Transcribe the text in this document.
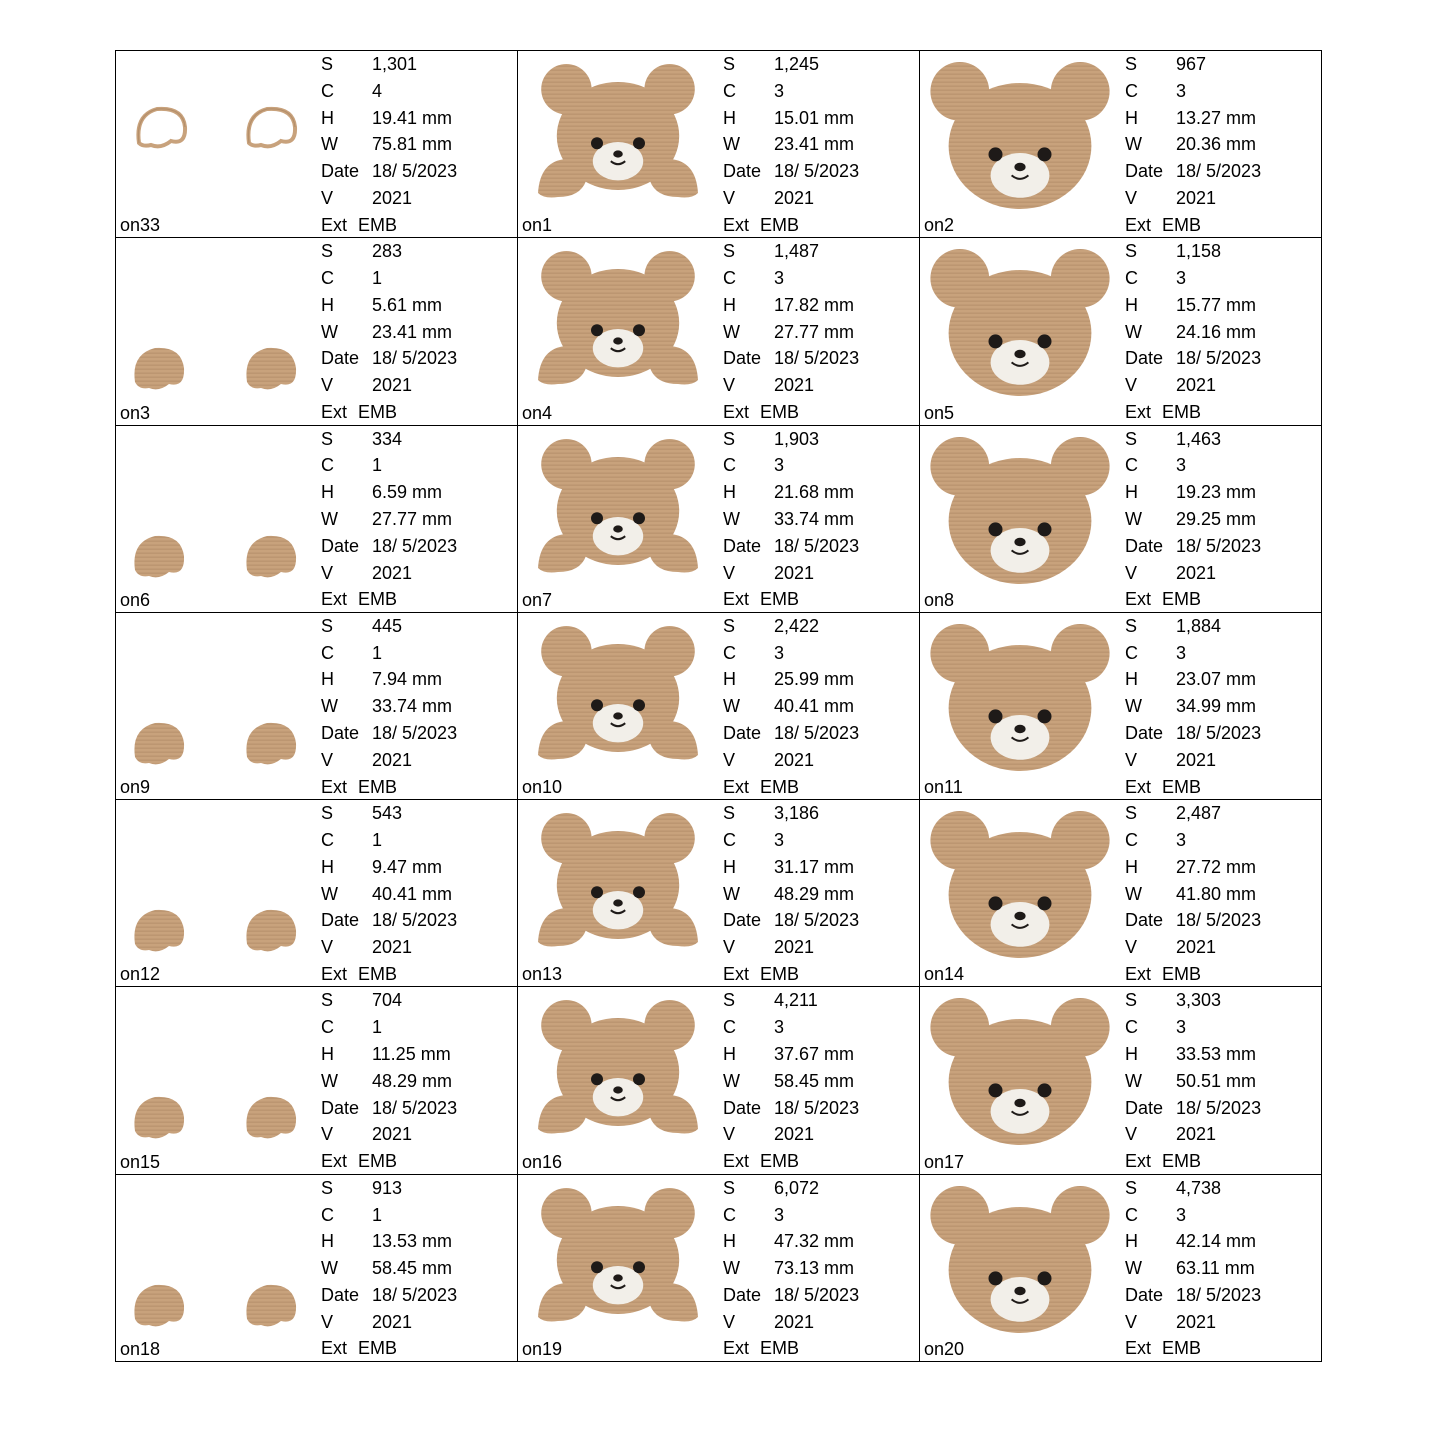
on33
S 1,301
C 4
H 19.41 mm
W 75.81 mm
Date 18/ 5/2023
V 2021
Ext EMB	on1
S 1,245
C 3
H 15.01 mm
W 23.41 mm
Date 18/ 5/2023
V 2021
Ext EMB	on2
S 967
C 3
H 13.27 mm
W 20.36 mm
Date 18/ 5/2023
V 2021
Ext EMB
on3
S 283
C 1
H 5.61 mm
W 23.41 mm
Date 18/ 5/2023
V 2021
Ext EMB	on4
S 1,487
C 3
H 17.82 mm
W 27.77 mm
Date 18/ 5/2023
V 2021
Ext EMB	on5
S 1,158
C 3
H 15.77 mm
W 24.16 mm
Date 18/ 5/2023
V 2021
Ext EMB
on6
S 334
C 1
H 6.59 mm
W 27.77 mm
Date 18/ 5/2023
V 2021
Ext EMB	on7
S 1,903
C 3
H 21.68 mm
W 33.74 mm
Date 18/ 5/2023
V 2021
Ext EMB	on8
S 1,463
C 3
H 19.23 mm
W 29.25 mm
Date 18/ 5/2023
V 2021
Ext EMB
on9
S 445
C 1
H 7.94 mm
W 33.74 mm
Date 18/ 5/2023
V 2021
Ext EMB	on10
S 2,422
C 3
H 25.99 mm
W 40.41 mm
Date 18/ 5/2023
V 2021
Ext EMB	on11
S 1,884
C 3
H 23.07 mm
W 34.99 mm
Date 18/ 5/2023
V 2021
Ext EMB
on12
S 543
C 1
H 9.47 mm
W 40.41 mm
Date 18/ 5/2023
V 2021
Ext EMB	on13
S 3,186
C 3
H 31.17 mm
W 48.29 mm
Date 18/ 5/2023
V 2021
Ext EMB	on14
S 2,487
C 3
H 27.72 mm
W 41.80 mm
Date 18/ 5/2023
V 2021
Ext EMB
on15
S 704
C 1
H 11.25 mm
W 48.29 mm
Date 18/ 5/2023
V 2021
Ext EMB	on16
S 4,211
C 3
H 37.67 mm
W 58.45 mm
Date 18/ 5/2023
V 2021
Ext EMB	on17
S 3,303
C 3
H 33.53 mm
W 50.51 mm
Date 18/ 5/2023
V 2021
Ext EMB
on18
S 913
C 1
H 13.53 mm
W 58.45 mm
Date 18/ 5/2023
V 2021
Ext EMB	on19
S 6,072
C 3
H 47.32 mm
W 73.13 mm
Date 18/ 5/2023
V 2021
Ext EMB	on20
S 4,738
C 3
H 42.14 mm
W 63.11 mm
Date 18/ 5/2023
V 2021
Ext EMB
